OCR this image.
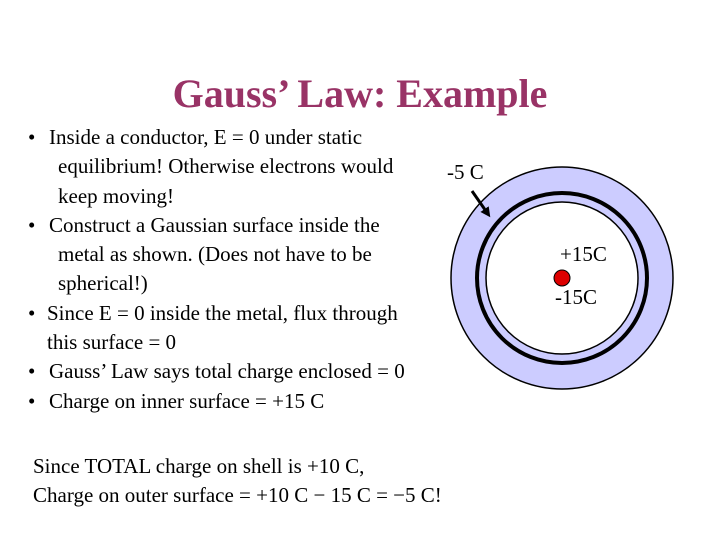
Gauss’ Law: Example
• Inside a conductor, E = 0 under static equilibrium! Otherwise electrons would keep moving!
• Construct a Gaussian surface inside the metal as shown. (Does not have to be spherical!)
• Since E = 0 inside the metal, flux through this surface = 0
• Gauss’ Law says total charge enclosed = 0
• Charge on inner surface = +15 C
Since TOTAL charge on shell is +10 C,
Charge on outer surface = +10 C − 15 C = −5 C!
-5 C
+15C
-15C
